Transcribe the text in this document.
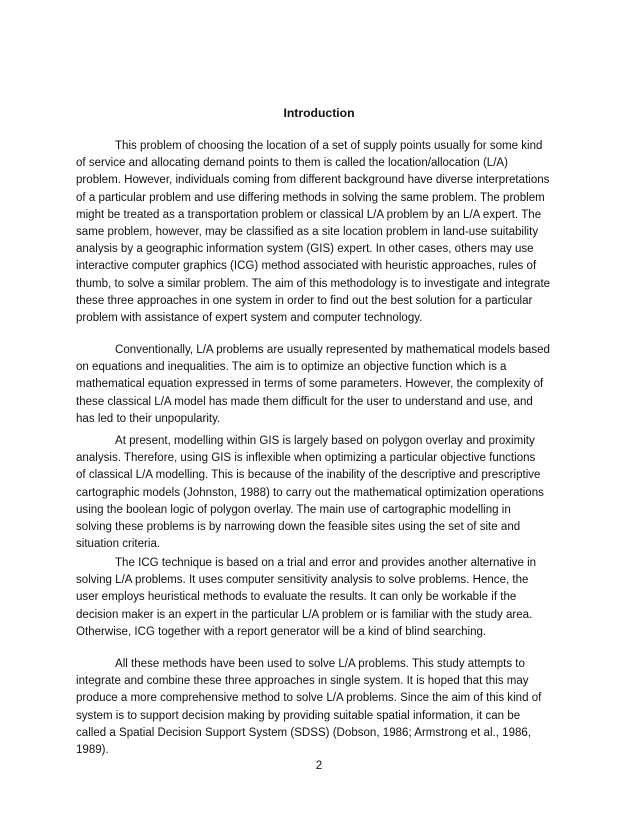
Introduction
This problem of choosing the location of a set of supply points usually for some kind
of service and allocating demand points to them is called the location/allocation (L/A)
problem. However, individuals coming from different background have diverse interpretations
of a particular problem and use differing methods in solving the same problem. The problem
might be treated as a transportation problem or classical L/A problem by an L/A expert. The
same problem, however, may be classified as a site location problem in land-use suitability
analysis by a geographic information system (GIS) expert. In other cases, others may use
interactive computer graphics (ICG) method associated with heuristic approaches, rules of
thumb, to solve a similar problem. The aim of this methodology is to investigate and integrate
these three approaches in one system in order to find out the best solution for a particular
problem with assistance of expert system and computer technology.
Conventionally, L/A problems are usually represented by mathematical models based
on equations and inequalities. The aim is to optimize an objective function which is a
mathematical equation expressed in terms of some parameters. However, the complexity of
these classical L/A model has made them difficult for the user to understand and use, and
has led to their unpopularity.
At present, modelling within GIS is largely based on polygon overlay and proximity
analysis. Therefore, using GIS is inflexible when optimizing a particular objective functions
of classical L/A modelling. This is because of the inability of the descriptive and prescriptive
cartographic models (Johnston, 1988) to carry out the mathematical optimization operations
using the boolean logic of polygon overlay. The main use of cartographic modelling in
solving these problems is by narrowing down the feasible sites using the set of site and
situation criteria.
The ICG technique is based on a trial and error and provides another alternative in
solving L/A problems. It uses computer sensitivity analysis to solve problems. Hence, the
user employs heuristical methods to evaluate the results. It can only be workable if the
decision maker is an expert in the particular L/A problem or is familiar with the study area.
Otherwise, ICG together with a report generator will be a kind of blind searching.
All these methods have been used to solve L/A problems. This study attempts to
integrate and combine these three approaches in single system. It is hoped that this may
produce a more comprehensive method to solve L/A problems. Since the aim of this kind of
system is to support decision making by providing suitable spatial information, it can be
called a Spatial Decision Support System (SDSS) (Dobson, 1986; Armstrong et al., 1986,
1989).
2
